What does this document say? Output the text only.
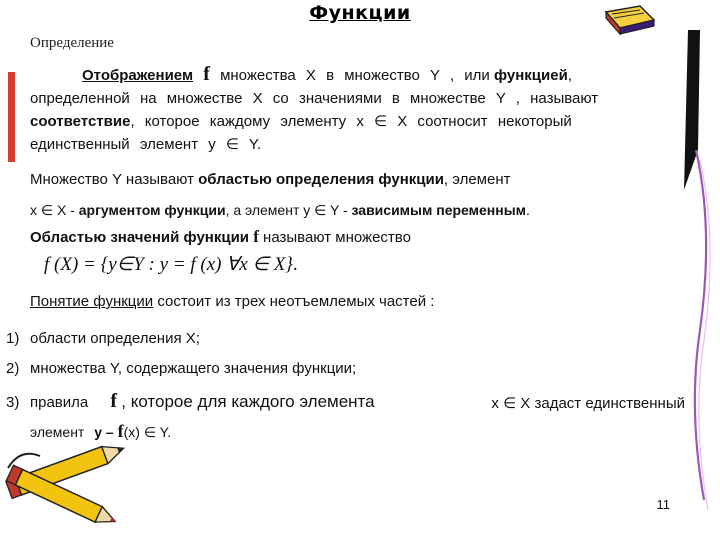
Функции
Определение
Отображением f множества X в множество Y , или функцией,
определенной на множестве X со значениями в множестве Y , называют
соответствие, которое каждому элементу x ∈ X соотносит некоторый
единственный элемент y ∈ Y.
Множество Y называют областью определения функции, элемент
x ∈ X - аргументом функции, а элемент y ∈ Y - зависимым переменным.
Областью значений функции f называют множество
f (X) = {y∈Y : y = f (x) ∀x ∈ X}.
Понятие функции состоит из трех неотъемлемых частей :
1) области определения X;
2) множества Y, содержащего значения функции;
3) правила f , которое для каждого элемента	x ∈ X задаст единственный
элемент y – f(x) ∈ Y.
11
